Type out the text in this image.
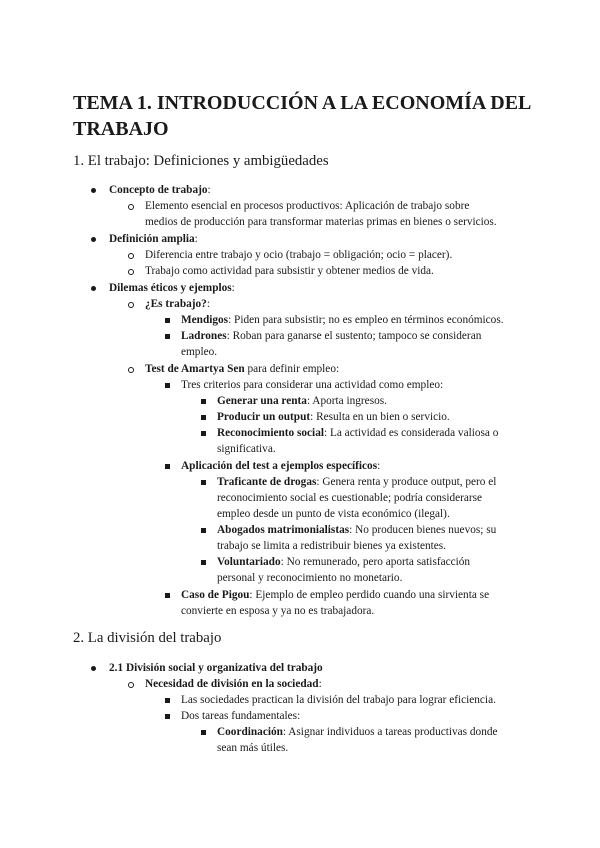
TEMA 1. INTRODUCCIÓN A LA ECONOMÍA DEL
TRABAJO
1. El trabajo: Definiciones y ambigüedades
Concepto de trabajo:
Elemento esencial en procesos productivos: Aplicación de trabajo sobre
medios de producción para transformar materias primas en bienes o servicios.
Definición amplia:
Diferencia entre trabajo y ocio (trabajo = obligación; ocio = placer).
Trabajo como actividad para subsistir y obtener medios de vida.
Dilemas éticos y ejemplos:
¿Es trabajo?:
Mendigos: Piden para subsistir; no es empleo en términos económicos.
Ladrones: Roban para ganarse el sustento; tampoco se consideran
empleo.
Test de Amartya Sen para definir empleo:
Tres criterios para considerar una actividad como empleo:
Generar una renta: Aporta ingresos.
Producir un output: Resulta en un bien o servicio.
Reconocimiento social: La actividad es considerada valiosa o
significativa.
Aplicación del test a ejemplos específicos:
Traficante de drogas: Genera renta y produce output, pero el
reconocimiento social es cuestionable; podría considerarse
empleo desde un punto de vista económico (ilegal).
Abogados matrimonialistas: No producen bienes nuevos; su
trabajo se limita a redistribuir bienes ya existentes.
Voluntariado: No remunerado, pero aporta satisfacción
personal y reconocimiento no monetario.
Caso de Pigou: Ejemplo de empleo perdido cuando una sirvienta se
convierte en esposa y ya no es trabajadora.
2. La división del trabajo
2.1 División social y organizativa del trabajo
Necesidad de división en la sociedad:
Las sociedades practican la división del trabajo para lograr eficiencia.
Dos tareas fundamentales:
Coordinación: Asignar individuos a tareas productivas donde
sean más útiles.
